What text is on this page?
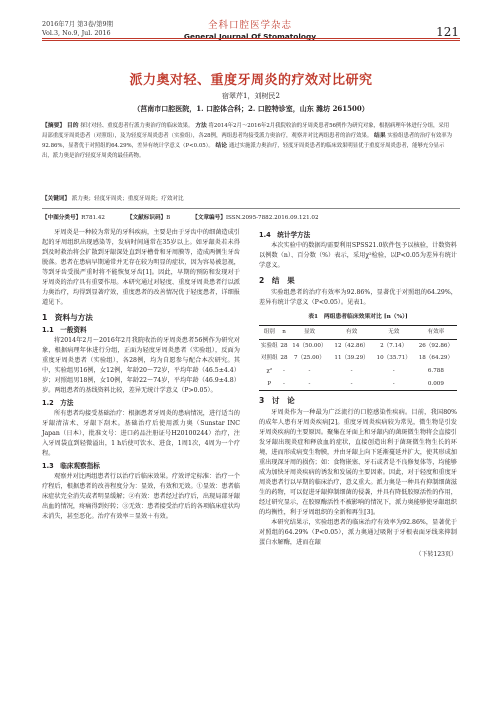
2016年7月 第3卷/第9期
Vol.3, No.9, Jul. 2016
全科口腔医学杂志
General Journal Of Stomatology	121
派力奥对轻、重度牙周炎的疗效对比研究
宿翠芹1，刘树民2
（莒南市口腔医院，1. 口腔体合科；2. 口腔特诊室，山东 潍坊 261500）
【摘要】 目的 探讨对轻、重度患者行派力奥治疗的临床效果。 方法 将2014年2月～2016年2月我院收治的牙周炎患者56例作为研究对象，根据病理年休进行分组，采用局部重度牙周炎患者（对照组），及为轻度牙周炎患者（实验组），各28例，两组患者均接受派力奥治疗，观察并对比两组患者的治疗效果。 结果 实验组患者的治疗有效率为92.86%，显著优于对照组的64.29%，差异有统计学意义（P<0.05）。 结论 通过实施派力奥治疗，轻度牙周炎患者的临床效果明显优于重度牙周炎患者，能够充分显示出，派力奥是治疗轻度牙周炎的最佳药物。
【关键词】 派力奥；轻度牙周炎；重度牙周炎；疗效对比
【中图分类号】R781.42	【文献标识码】B	【文章编号】ISSN.2095-7882.2016.09.121.02

牙周炎是一种较为常见的牙科疾病，主要是由于牙齿中的细菌造成引起的牙周组织出现感染等，发病时间通常在35岁以上。如牙龈炎若未得到及时救治将会扩散到牙龈深处直到牙槽骨和牙周膜等，造成两侧生牙齿脱落。患者在患病早期通常并无存在较为明显的症状，因为容易被忽视，等到牙齿受损严重时将不能恢复牙齿[1]。因此，早期的预防和发现对于牙周炎的治疗具有重要作用。本研究通过对轻度、重度牙周炎患者行以派力奥治疗，均得到显著疗效，重度患者的改善情况优于轻度患者，详细报道见下。

1　资料与方法
1.1　一般资料

将2014年2月～2016年2月我院收治的牙周炎患者56例作为研究对象，根据病理年休进行分组，正面为轻度牙周炎患者（实验组），反面为重度牙周炎患者（实验组），各28例，均为自愿参与配合本次研究。其中，实验组男16例，女12例，年龄20～72岁，平均年龄（46.5±4.4）岁；对照组男18例，女10例，年龄22～74岁，平均年龄（46.9±4.8）岁。两组患者的基线资料比较，差异无统计学意义（P>0.05）。

1.2　方法

所有患者均接受基础治疗：根据患者牙周炎的患病情况，进行适当的牙龈清洁术、牙龈下刮术。基础治疗后使用派力奥（Sunstar INC Japan（日本），批准文号：进口药品注册证号H20100244）治疗，注入牙周袋直到轻微溢出，1 h后使可饮水、进食，1周1次，4周为一个疗程。

1.3　临床观察指标

观察并对比两组患者行以治疗后临床效果。疗效评定标准：治疗一个疗程后，根据患者的改善程度分为：显效，有效和无效。①显效：患者临床症状完全消失或者明显缓解；②有效：患者经过治疗后，出现局部牙龈出血的情况，疼痛得到好转；③无效：患者接受治疗后的各项临床症状均未消失，甚至恶化。治疗有效率＝显效＋有效。

1.4　统计学方法

本次实验中的数据均需要利用SPSS21.0软件包予以核验，计数资料以例数（n）、百分数（%）表示，采用χ²检验，以P<0.05为差异有统计学意义。

2　结　果

实验组患者的治疗有效率为92.86%，显著优于对照组的64.29%，差异有统计学意义（P<0.05）。见表1。

表1　两组患者临床效果对比 [n（%）]
组别	n	显效	有效	无效	有效率
实验组	28	14（50.00）	12（42.86）	2（7.14）	26（92.86）
对照组	28	7（25.00）	11（39.29）	10（35.71）	18（64.29）
χ²	-	-	-	-	6.788
P	-	-	-	-	0.009
3　讨　论

牙周炎作为一种最为广泛流行的口腔感染性疾病。目前，我国80%的成年人患有牙周炎疾病[2]。重度牙周炎疾病较为常见，微生物是引发牙周炎疾病的主要原因。聚集在牙面上和牙龈内的菌斑微生物将会直接引发牙龈出现炎症和释放血的症状，直接创造出利于菌斑微生物生长的环境，进而形成病变生物膜，并由牙龈上向下延渐蔓延并扩大，使其形成加重出现深牙周的损伤；如：食物嵌塞、牙石或者是不良修复体等，均能够成为加快牙周炎疾病的诱发和发展的主要因素。因此，对于轻度和重度牙周炎患者行以早期的临床治疗，意义重大。派力奥是一种具有抑制细菌滋生的药物，可以促进牙龈抑制细菌的侵袭，并具有降低胶原活性的作用，经过研究显示，在胶原酶活性不被影响的情况下，派力奥能够使牙龈组织的均衡性，利于牙周组织的全新和再生[3]。

本研究结果示，实验组患者的临床治疗有效率为92.86%，显著优于对照组的64.29%（P<0.05），派力奥通过吸附于牙根表面牙线来抑制蛋白水解酶，进而在龈

（下转123页）
